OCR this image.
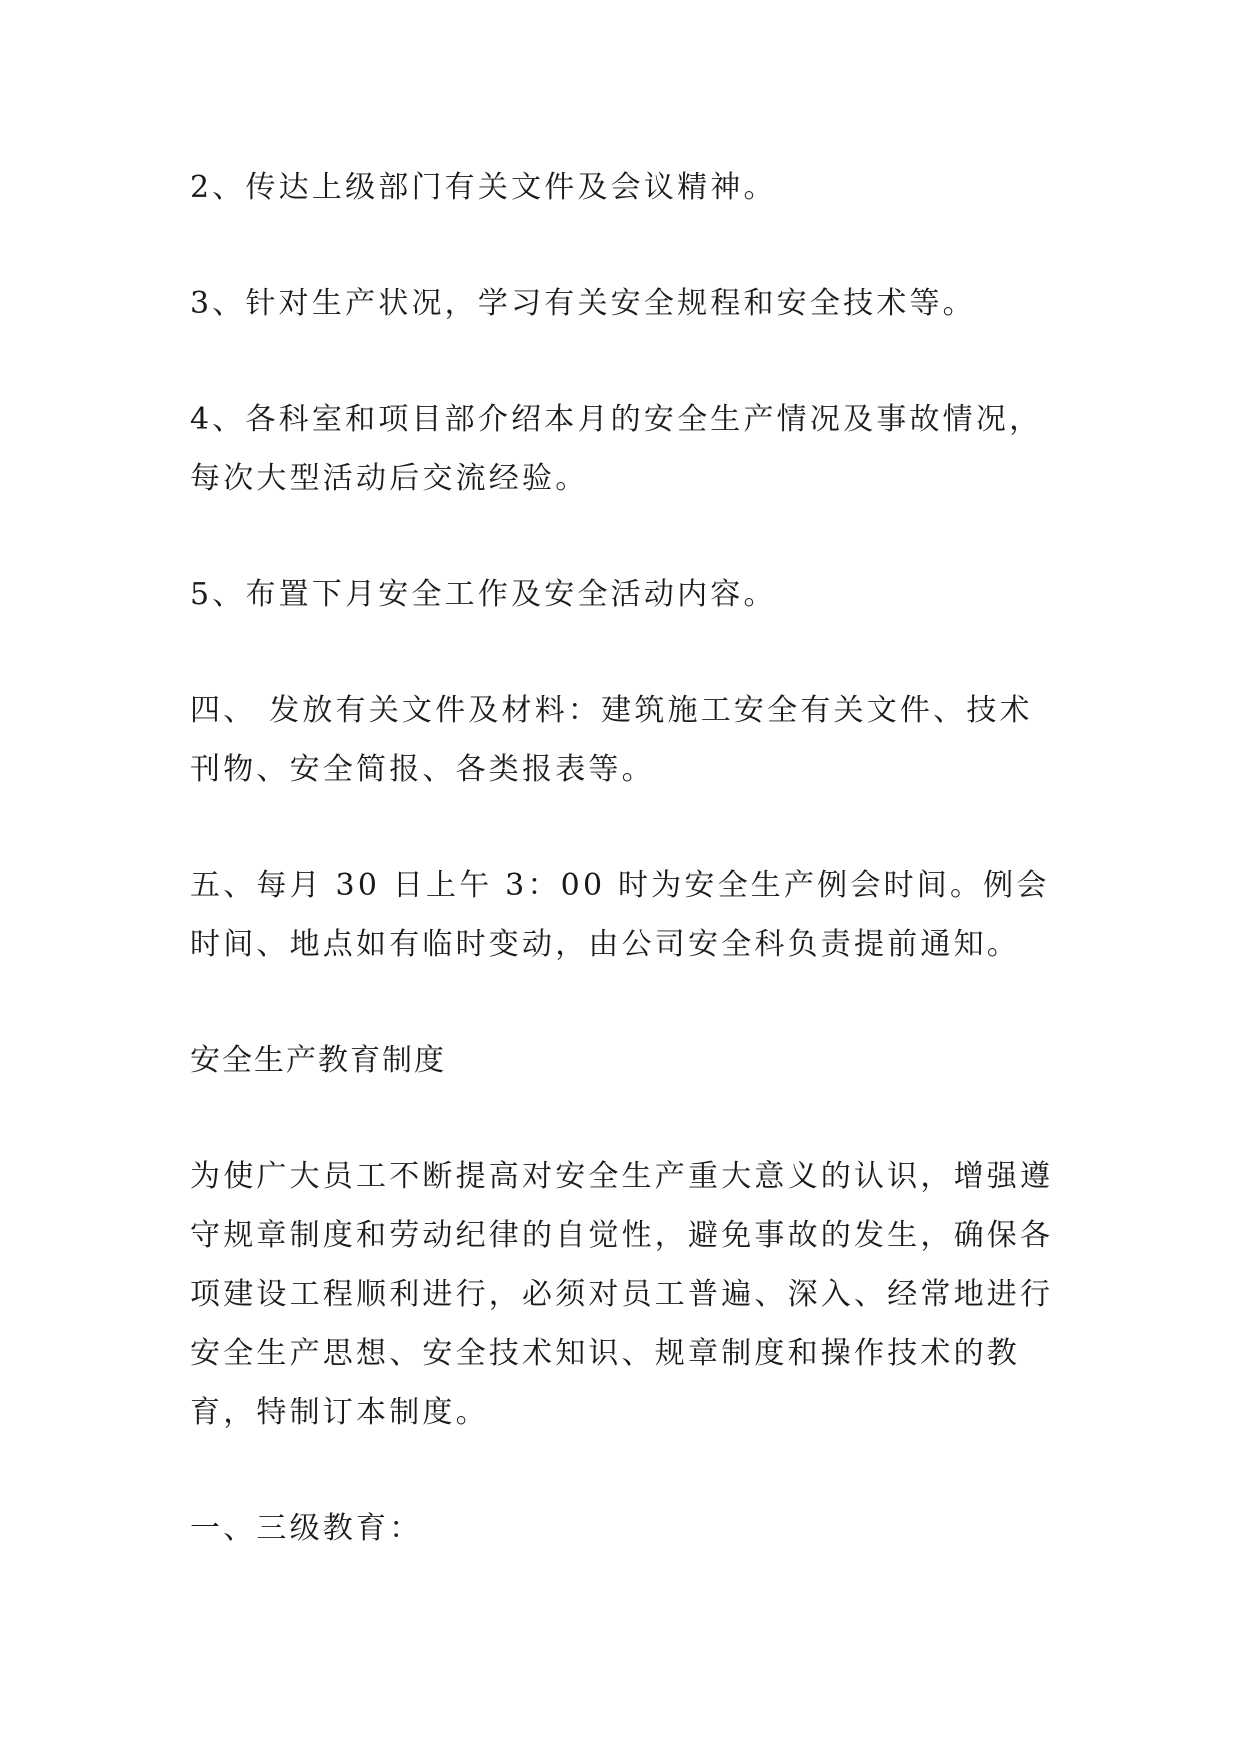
2、传达上级部门有关文件及会议精神。

3、针对生产状况，学习有关安全规程和安全技术等。

4、各科室和项目部介绍本月的安全生产情况及事故情况，每次大型活动后交流经验。

5、布置下月安全工作及安全活动内容。

四、 发放有关文件及材料：建筑施工安全有关文件、技术刊物、安全简报、各类报表等。

五、每月 30 日上午 3：00 时为安全生产例会时间。例会时间、地点如有临时变动，由公司安全科负责提前通知。

安全生产教育制度

为使广大员工不断提高对安全生产重大意义的认识，增强遵守规章制度和劳动纪律的自觉性，避免事故的发生，确保各项建设工程顺利进行，必须对员工普遍、深入、经常地进行安全生产思想、安全技术知识、规章制度和操作技术的教育，特制订本制度。

一、三级教育：
